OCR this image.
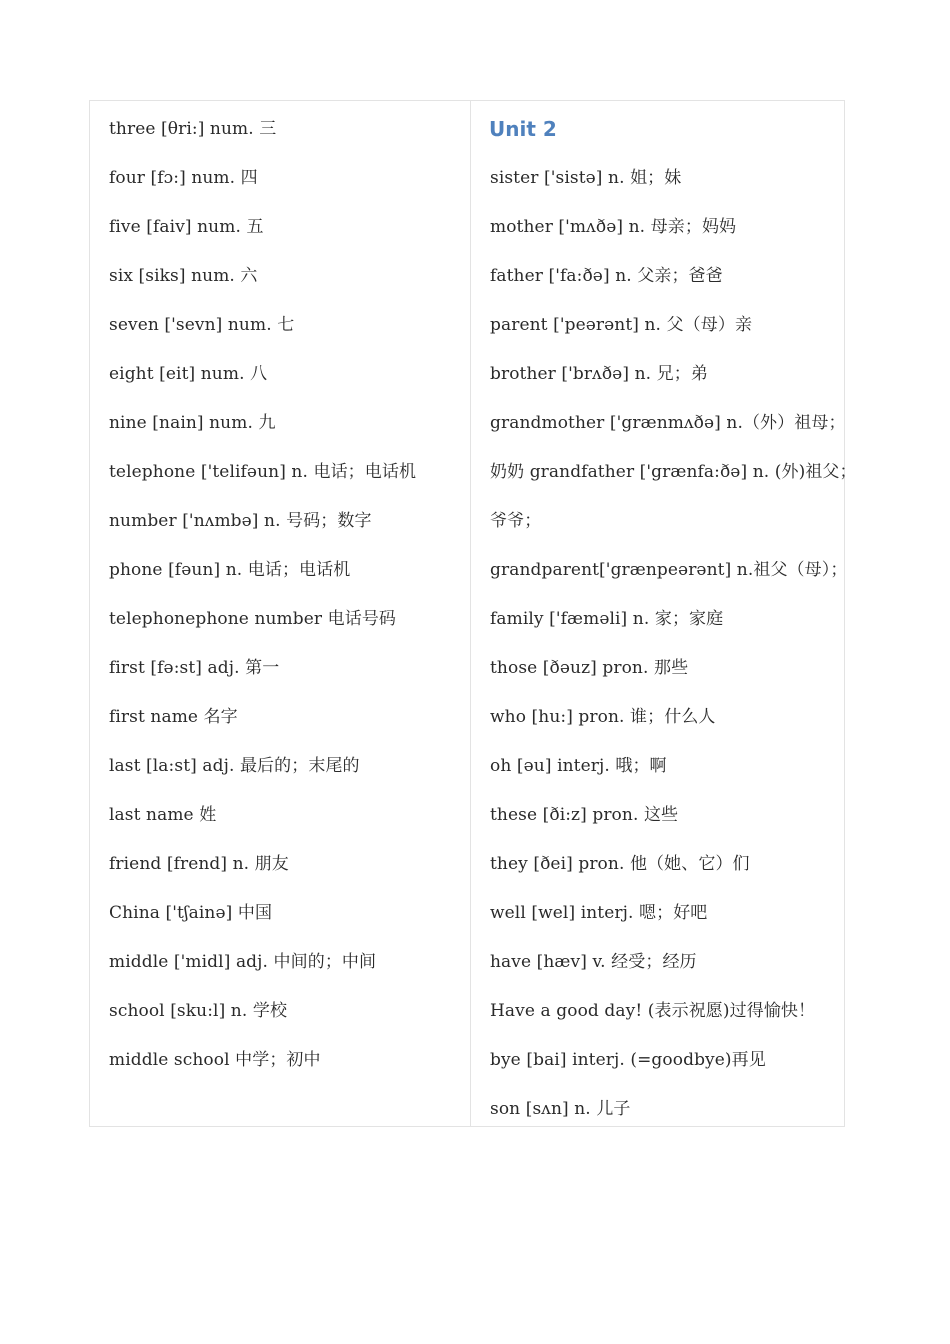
three [θri:] num. 三
four [fɔ:] num. 四
five [faiv] num. 五
six [siks] num. 六
seven ['sevn] num. 七
eight [eit] num. 八
nine [nain] num. 九
telephone ['telifəun] n. 电话；电话机
number ['nʌmbə] n. 号码；数字
phone [fəun] n. 电话；电话机
telephonephone number 电话号码
first [fə:st] adj. 第一
first name 名字
last [la:st] adj. 最后的；末尾的
last name 姓
friend [frend] n. 朋友
China ['tʃainə] 中国
middle ['midl] adj. 中间的；中间
school [sku:l] n. 学校
middle school 中学；初中
Unit 2
sister ['sistə] n. 姐；妹
mother ['mʌðə] n. 母亲；妈妈
father ['fa:ðə] n. 父亲；爸爸
parent ['peərənt] n. 父（母）亲
brother ['brʌðə] n. 兄；弟
grandmother ['grænmʌðə] n.（外）祖母；
奶奶 grandfather ['grænfa:ðə] n. (外)祖父；
爷爷；
grandparent['grænpeərənt] n.祖父（母）；
family ['fæməli] n. 家；家庭
those [ðəuz] pron. 那些
who [hu:] pron. 谁；什么人
oh [əu] interj. 哦；啊
these [ði:z] pron. 这些
they [ðei] pron. 他（她、它）们
well [wel] interj. 嗯；好吧
have [hæv] v. 经受；经历
Have a good day! (表示祝愿)过得愉快！
bye [bai] interj. (=goodbye)再见
son [sʌn] n. 儿子
